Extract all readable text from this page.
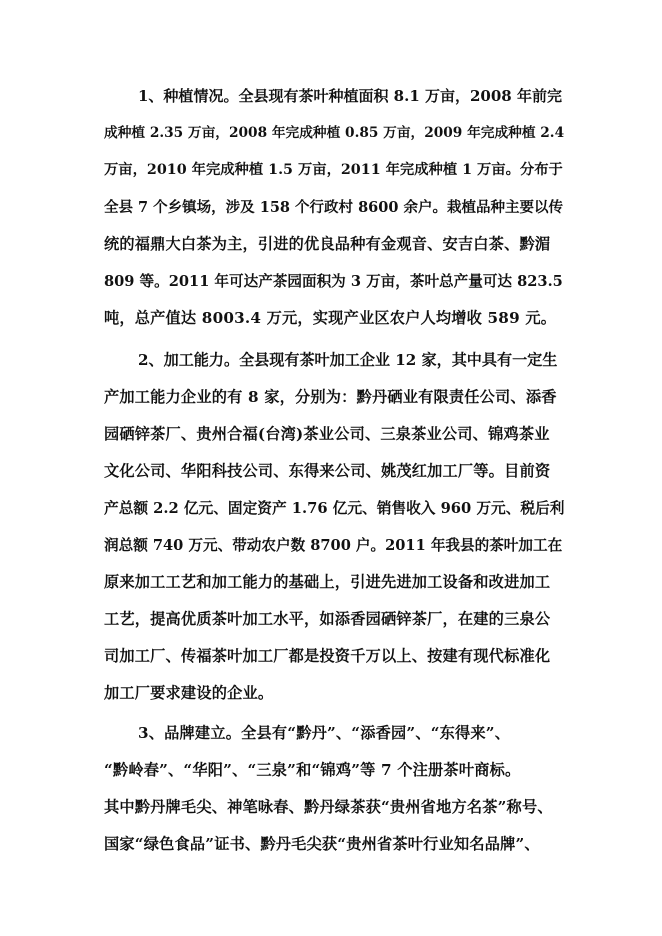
1、种植情况。全县现有茶叶种植面积 8.1 万亩，2008 年前完
成种植 2.35 万亩，2008 年完成种植 0.85 万亩，2009 年完成种植 2.4
万亩，2010 年完成种植 1.5 万亩，2011 年完成种植 1 万亩。分布于
全县 7 个乡镇场，涉及 158 个行政村 8600 余户。栽植品种主要以传
统的福鼎大白茶为主，引进的优良品种有金观音、安吉白茶、黔湄
809 等。2011 年可达产茶园面积为 3 万亩，茶叶总产量可达 823.5
吨，总产值达 8003.4 万元，实现产业区农户人均增收 589 元。
2、加工能力。全县现有茶叶加工企业 12 家，其中具有一定生
产加工能力企业的有 8 家，分别为：黔丹硒业有限责任公司、添香
园硒锌茶厂、贵州合福(台湾)茶业公司、三泉茶业公司、锦鸡茶业
文化公司、华阳科技公司、东得来公司、姚茂红加工厂等。目前资
产总额 2.2 亿元、固定资产 1.76 亿元、销售收入 960 万元、税后利
润总额 740 万元、带动农户数 8700 户。2011 年我县的茶叶加工在
原来加工工艺和加工能力的基础上，引进先进加工设备和改进加工
工艺，提高优质茶叶加工水平，如添香园硒锌茶厂，在建的三泉公
司加工厂、传福茶叶加工厂都是投资千万以上、按建有现代标准化
加工厂要求建设的企业。
3、品牌建立。全县有“黔丹”、“添香园”、“东得来”、
“黔岭春”、“华阳”、“三泉”和“锦鸡”等 7 个注册茶叶商标。
其中黔丹牌毛尖、神笔咏春、黔丹绿茶获“贵州省地方名茶”称号、
国家“绿色食品”证书、黔丹毛尖获“贵州省茶叶行业知名品牌”、
